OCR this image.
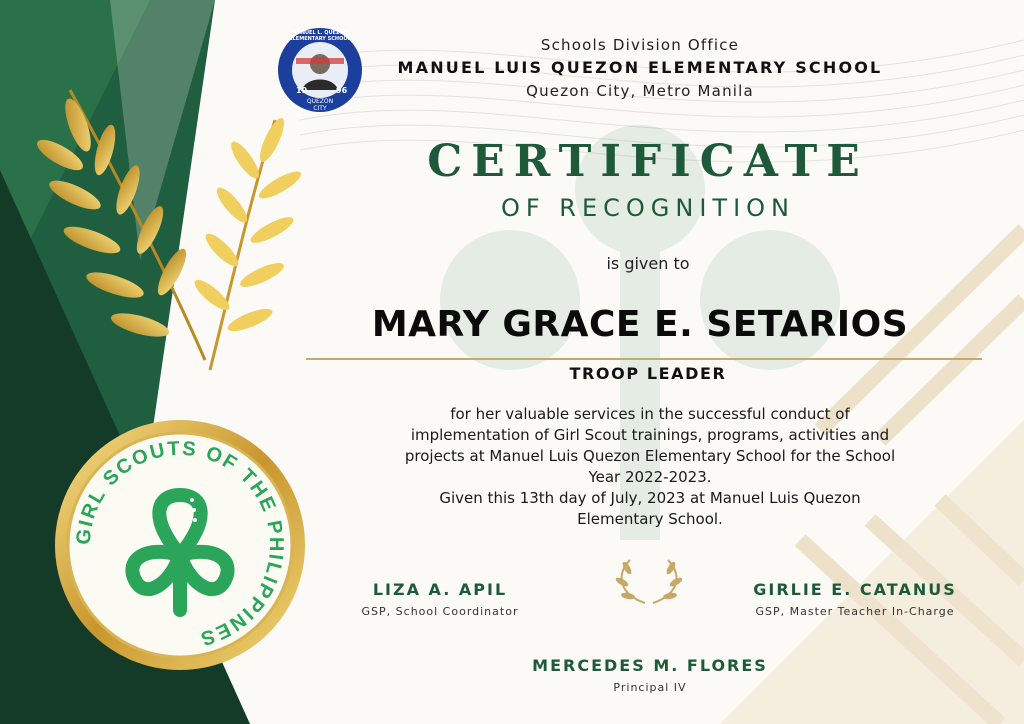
GIRL SCOUTS OF THE PHILIPPINES
19	96
QUEZON CITY
MANUEL L. QUEZON ELEMENTARY SCHOOL	Schools Division Office
MANUEL LUIS QUEZON ELEMENTARY SCHOOL
Quezon City, Metro Manila
CERTIFICATE
OF RECOGNITION
is given to
MARY GRACE E. SETARIOS
TROOP LEADER
for her valuable services in the successful conduct of
implementation of Girl Scout trainings, programs, activities and
projects at Manuel Luis Quezon Elementary School for the School
Year 2022-2023.
Given this 13th day of July, 2023 at Manuel Luis Quezon
Elementary School.
LIZA A. APIL
GSP, School Coordinator
GIRLIE E. CATANUS
GSP, Master Teacher In-Charge
MERCEDES M. FLORES
Principal IV
